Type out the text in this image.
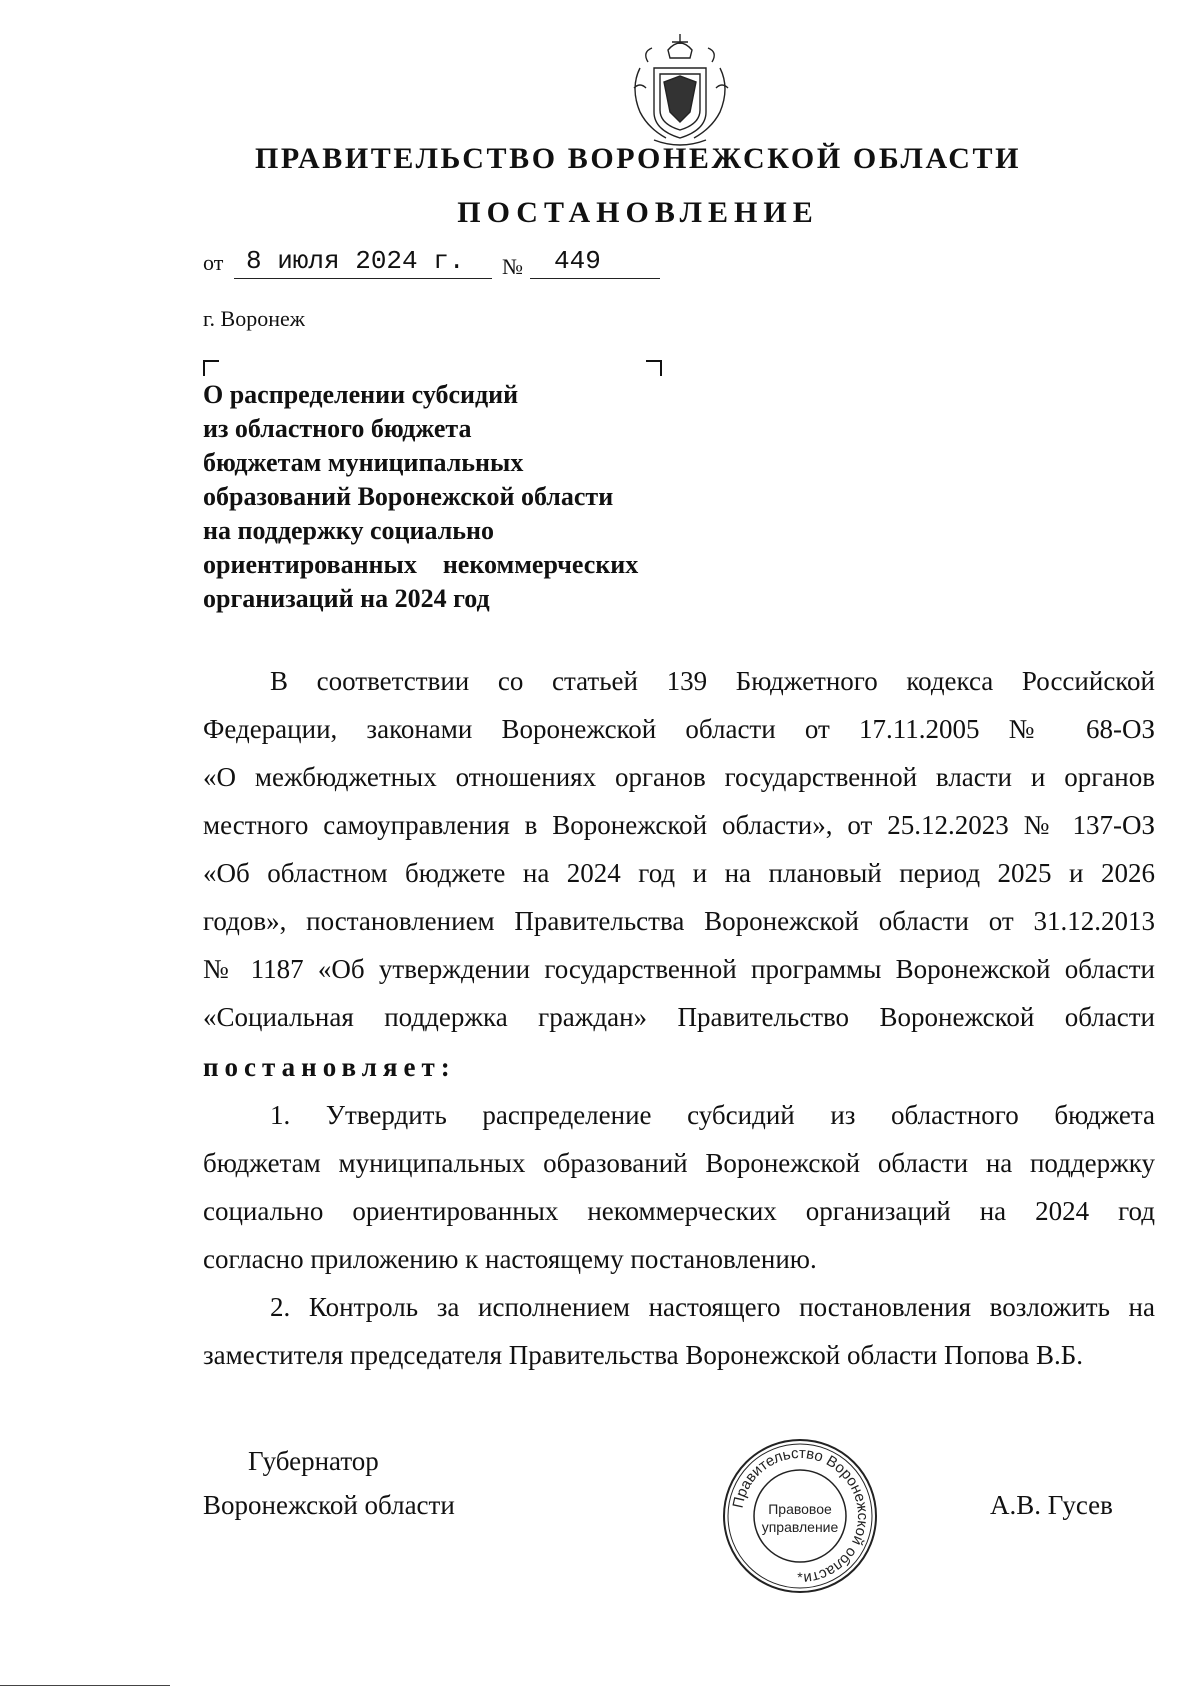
ПРАВИТЕЛЬСТВО ВОРОНЕЖСКОЙ ОБЛАСТИ
ПОСТАНОВЛЕНИЕ
от 8 июля 2024 г. № 449
г. Воронеж
О распределении субсидий
из областного бюджета
бюджетам муниципальных
образований Воронежской области
на поддержку социально
ориентированных    некоммерческих
организаций на 2024 год
В соответствии со статьей 139 Бюджетного кодекса Российской
Федерации, законами Воронежской области от 17.11.2005 № 68-ОЗ
«О межбюджетных отношениях органов государственной власти и органов
местного самоуправления в Воронежской области», от 25.12.2023 № 137-ОЗ
«Об областном бюджете на 2024 год и на плановый период 2025 и 2026
годов», постановлением Правительства Воронежской области от 31.12.2013
№ 1187 «Об утверждении государственной программы Воронежской области
«Социальная поддержка граждан» Правительство Воронежской области
постановляет:
1. Утвердить распределение субсидий из областного бюджета
бюджетам муниципальных образований Воронежской области на поддержку
социально ориентированных некоммерческих организаций на 2024 год
согласно приложению к настоящему постановлению.
2. Контроль за исполнением настоящего постановления возложить на
заместителя председателя Правительства Воронежской области Попова В.Б.
Губернатор
Воронежской области	А.В. Гусев
Правительство Воронежской области
Правовое
управление
*
